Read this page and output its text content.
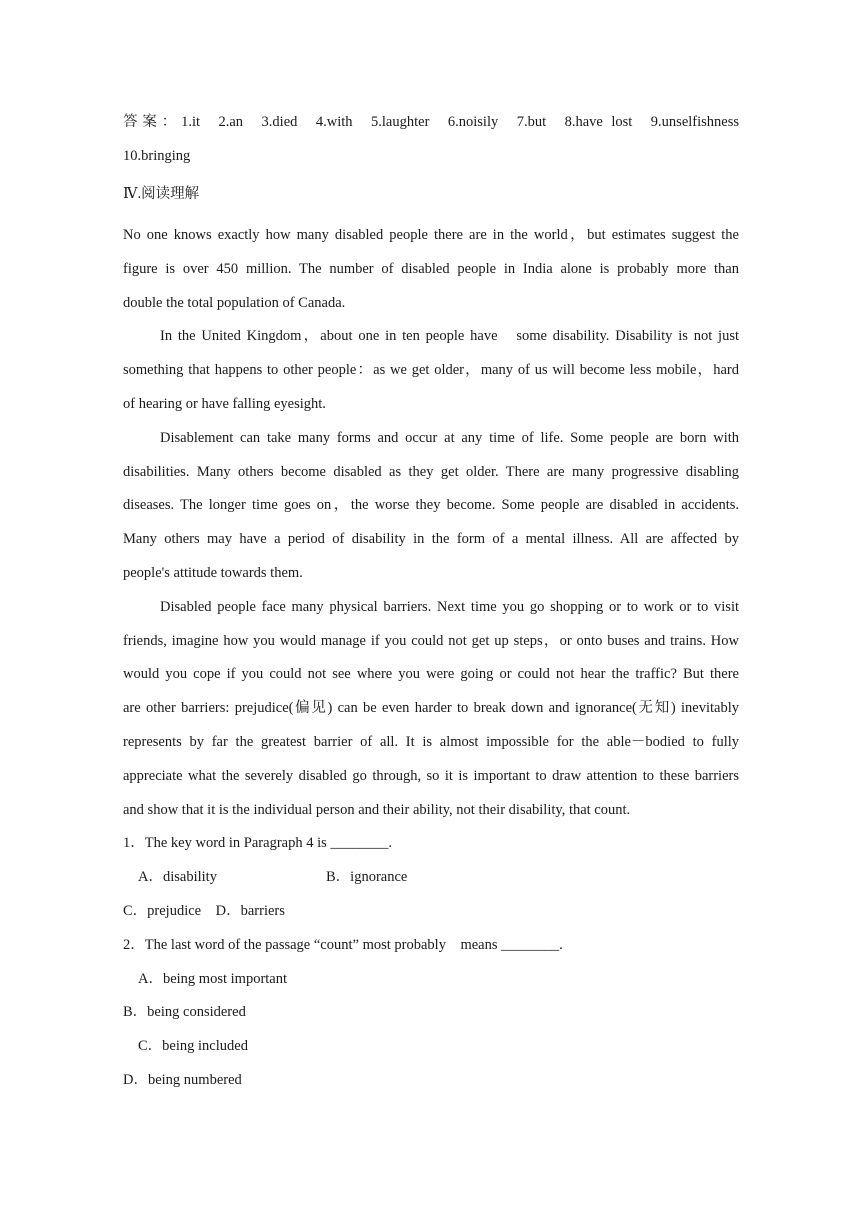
答案：1.it 2.an 3.died 4.with 5.laughter 6.noisily 7.but 8.have lost 9.unselfishness
10.bringing
Ⅳ.阅读理解
No one knows exactly how many disabled people there are in the world，but estimates suggest the
figure is over 450 million. The number of disabled people in India alone is probably more than
double the total population of Canada.
In the United Kingdom，about one in ten people have　some disability. Disability is not just
something that happens to other people：as we get older，many of us will become less mobile，hard
of hearing or have falling eyesight.
Disablement can take many forms and occur at any time of life. Some people are born with
disabilities. Many others become disabled as they get older. There are many progressive disabling
diseases. The longer time goes on，the worse they become. Some people are disabled in accidents.
Many others may have a period of disability in the form of a mental illness. All are affected by
people's attitude towards them.
Disabled people face many physical barriers. Next time you go shopping or to work or to visit
friends, imagine how you would manage if you could not get up steps，or onto buses and trains. How
would you cope if you could not see where you were going or could not hear the traffic? But there
are other barriers: prejudice(偏见) can be even harder to break down and ignorance(无知) inevitably
represents by far the greatest barrier of all. It is almost impossible for the able－bodied to fully
appreciate what the severely disabled go through, so it is important to draw attention to these barriers
and show that it is the individual person and their ability, not their disability, that count.
1．The key word in Paragraph 4 is ________.
A．disability	B．ignorance
C．prejudice　 D．barriers
2．The last word of the passage “count” most probably　means ________.
A．being most important
B．being considered
C．being included
D．being numbered
